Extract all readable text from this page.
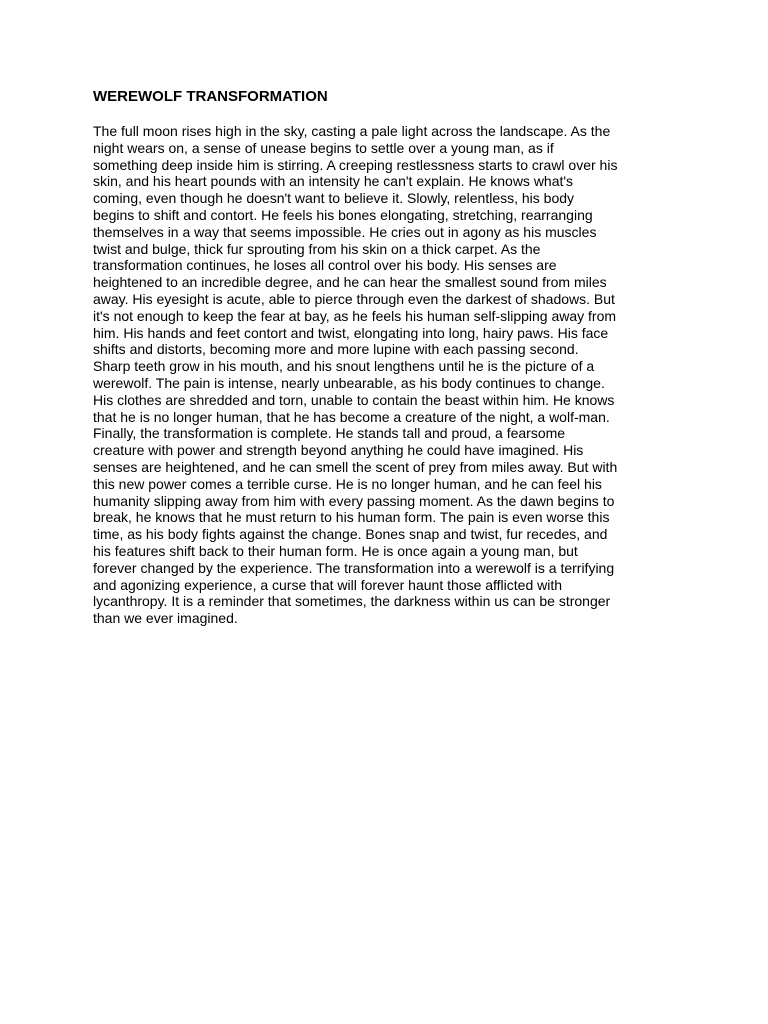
WEREWOLF TRANSFORMATION

The full moon rises high in the sky, casting a pale light across the landscape. As the
night wears on, a sense of unease begins to settle over a young man, as if
something deep inside him is stirring. A creeping restlessness starts to crawl over his
skin, and his heart pounds with an intensity he can't explain. He knows what's
coming, even though he doesn't want to believe it. Slowly, relentless, his body
begins to shift and contort. He feels his bones elongating, stretching, rearranging
themselves in a way that seems impossible. He cries out in agony as his muscles
twist and bulge, thick fur sprouting from his skin on a thick carpet. As the
transformation continues, he loses all control over his body. His senses are
heightened to an incredible degree, and he can hear the smallest sound from miles
away. His eyesight is acute, able to pierce through even the darkest of shadows. But
it's not enough to keep the fear at bay, as he feels his human self-slipping away from
him. His hands and feet contort and twist, elongating into long, hairy paws. His face
shifts and distorts, becoming more and more lupine with each passing second.
Sharp teeth grow in his mouth, and his snout lengthens until he is the picture of a
werewolf. The pain is intense, nearly unbearable, as his body continues to change.
His clothes are shredded and torn, unable to contain the beast within him. He knows
that he is no longer human, that he has become a creature of the night, a wolf-man.
Finally, the transformation is complete. He stands tall and proud, a fearsome
creature with power and strength beyond anything he could have imagined. His
senses are heightened, and he can smell the scent of prey from miles away. But with
this new power comes a terrible curse. He is no longer human, and he can feel his
humanity slipping away from him with every passing moment. As the dawn begins to
break, he knows that he must return to his human form. The pain is even worse this
time, as his body fights against the change. Bones snap and twist, fur recedes, and
his features shift back to their human form. He is once again a young man, but
forever changed by the experience. The transformation into a werewolf is a terrifying
and agonizing experience, a curse that will forever haunt those afflicted with
lycanthropy. It is a reminder that sometimes, the darkness within us can be stronger
than we ever imagined.
